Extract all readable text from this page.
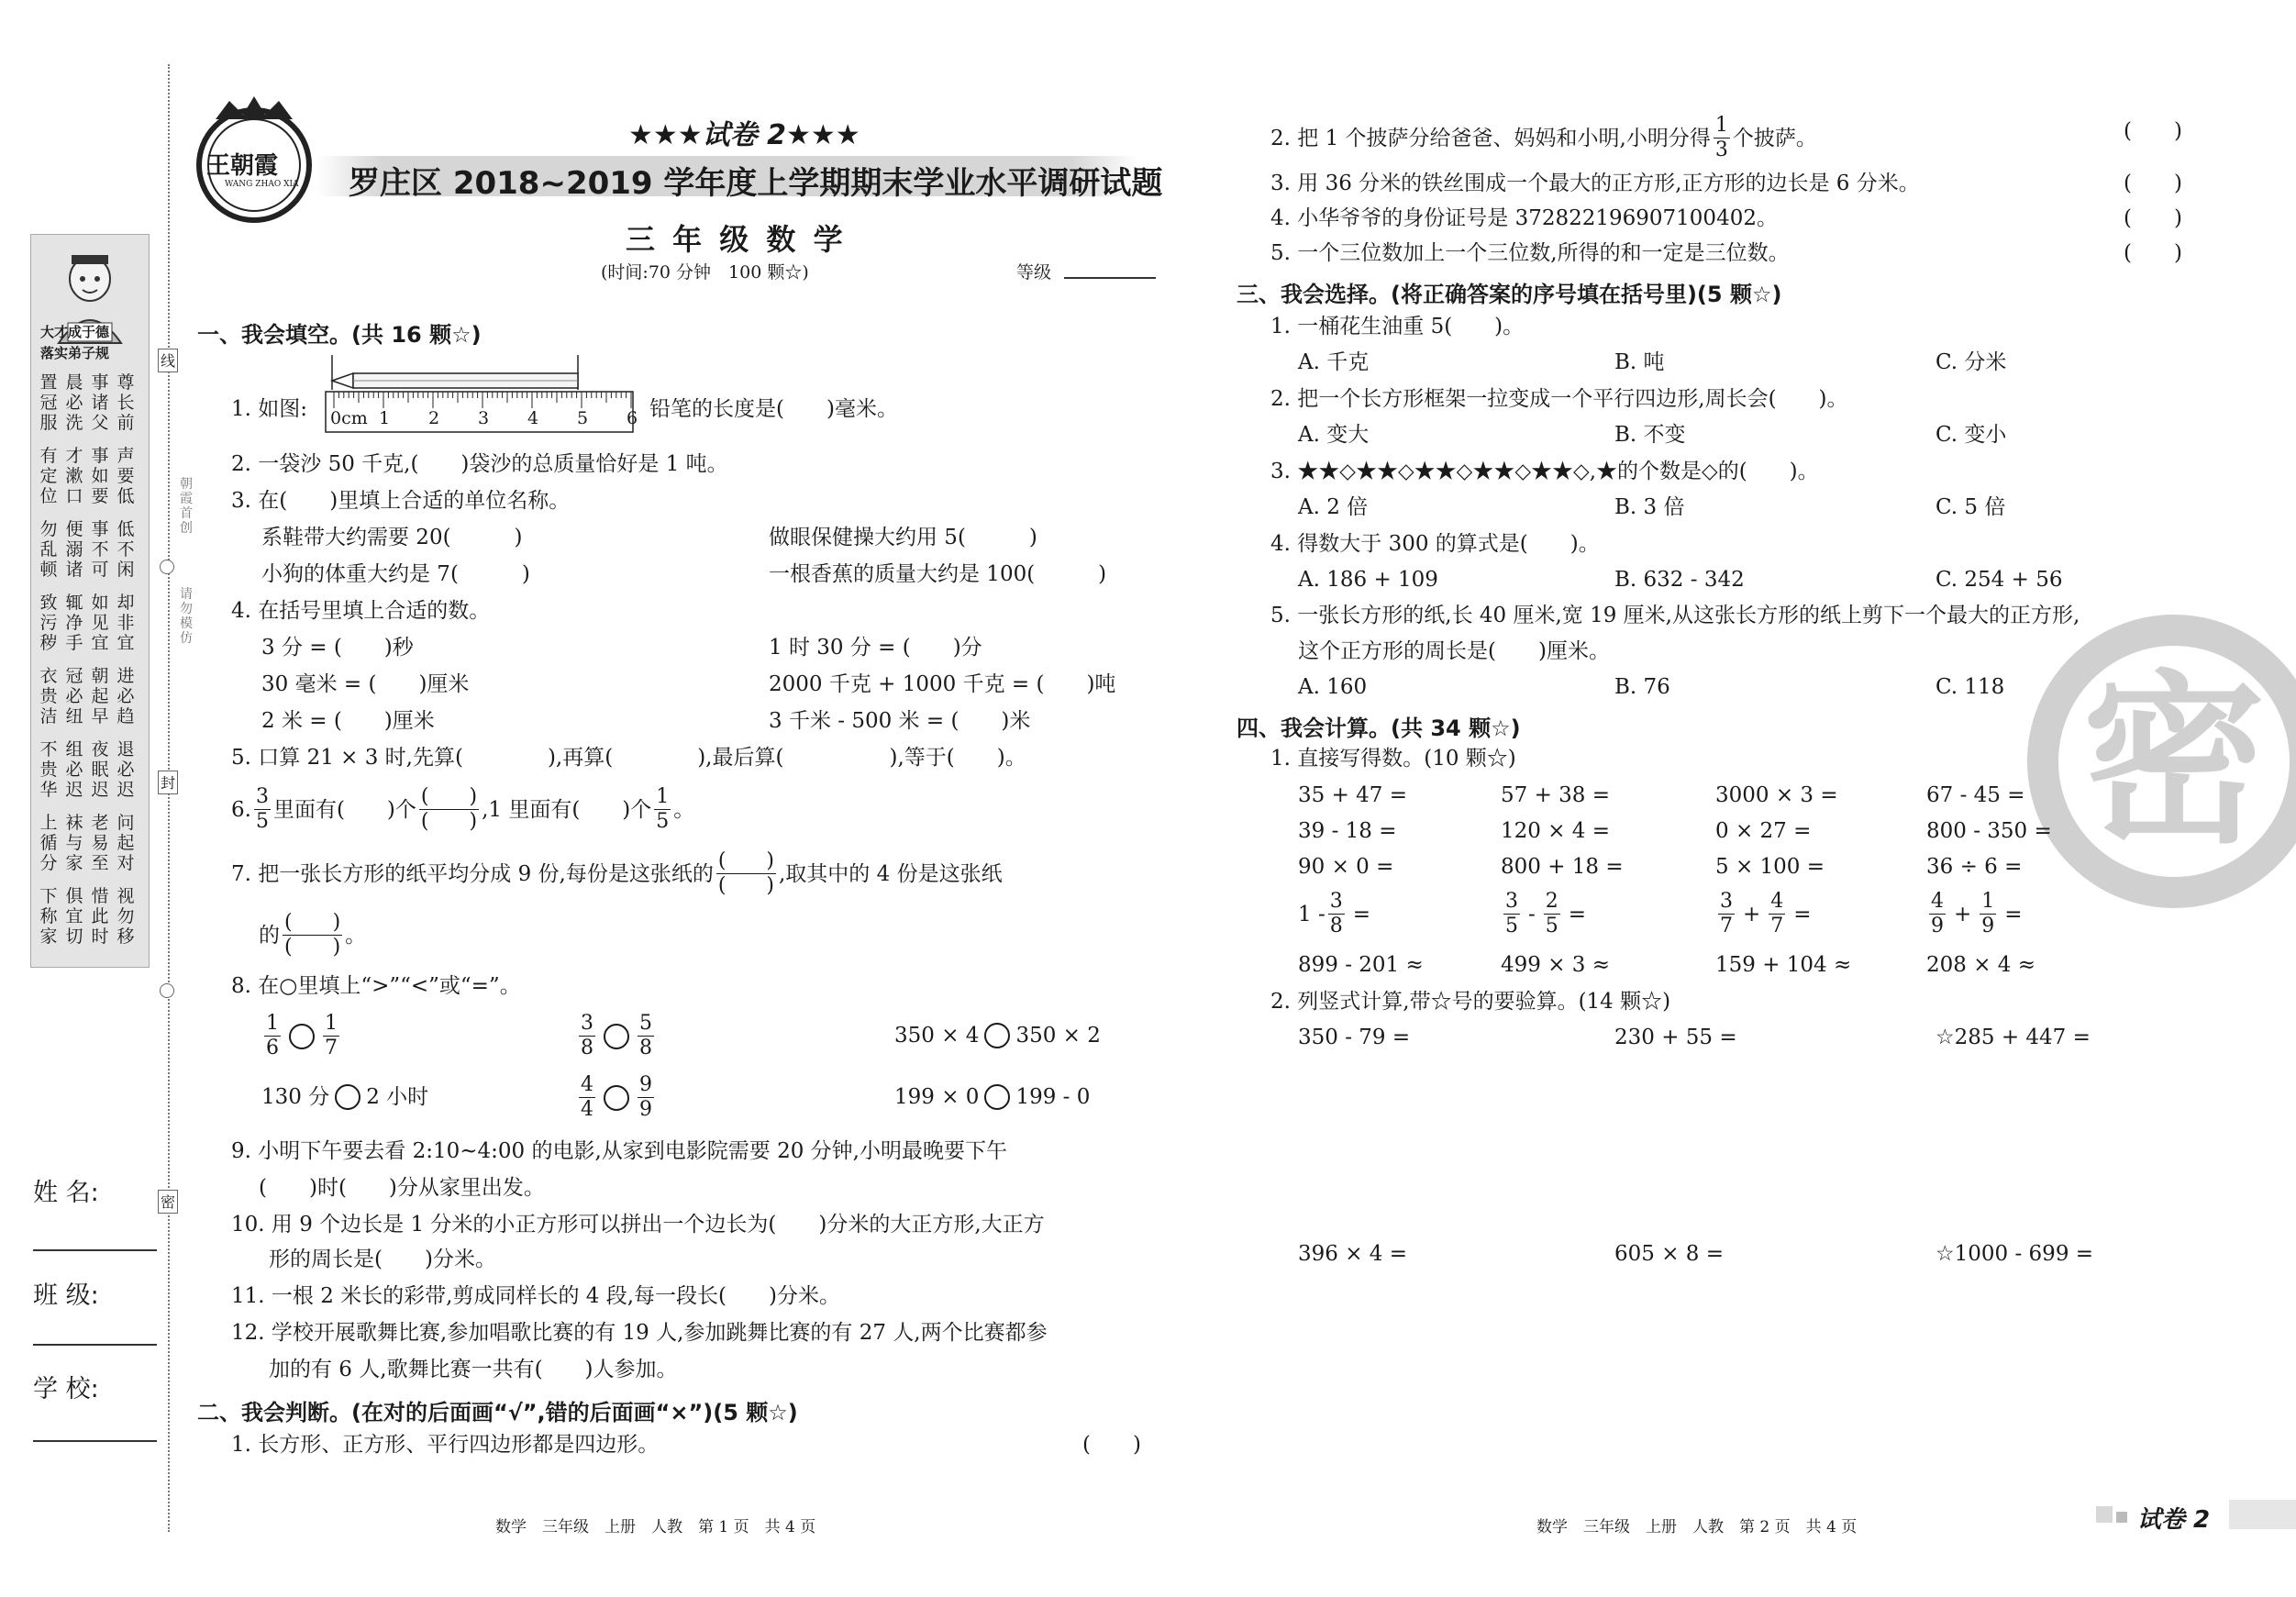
大才成于德
落实弟子规
置冠服
晨必洗
事诸父
尊长前
有定位
才漱口
事如要
声要低
勿乱顿
便溺诸
事不可
低不闲
致污秽
辄净手
如见宜
却非宜
衣贵洁
冠必纽
朝起早
进必趋
不贵华
组必迟
夜眠迟
退必迟
上循分
袜与家
老易至
问起对
下称家
俱宜切
惜此时
视勿移
姓 名:
班 级:
学 校:
线
封
密
朝霞首创
请勿模仿
王朝霞
WANG ZHAO XIA
★★★试卷 2★★★
罗庄区 2018~2019 学年度上学期期末学业水平调研试题
三 年 级 数 学
(时间:70 分钟　100 颗☆)	等级
一、我会填空。(共 16 颗☆)
1. 如图: 0cm 1 2 3 4 5 6 铅笔的长度是(　　)毫米。
2. 一袋沙 50 千克,(　　)袋沙的总质量恰好是 1 吨。
3. 在(　　)里填上合适的单位名称。
系鞋带大约需要 20(　　　)	做眼保健操大约用 5(　　　)
小狗的体重大约是 7(　　　)	一根香蕉的质量大约是 100(　　　)
4. 在括号里填上合适的数。
3 分 = (　　)秒	1 时 30 分 = (　　)分
30 毫米 = (　　)厘米	2000 千克 + 1000 千克 = (　　)吨
2 米 = (　　)厘米	3 千米 - 500 米 = (　　)米
5. 口算 21 × 3 时,先算(　　　　),再算(　　　　),最后算(　　　　　),等于(　　)。
6. $\frac{3}{5}$ 里面有(　　)个
(　　)
(　　) ,1 里面有(　　)个
1
5 。
7. 把一张长方形的纸平均分成 9 份,每份是这张纸的
(　　)
(　　) ,取其中的 4 份是这张纸
的
(　　)
(　　) 。
8. 在○里填上“>”“<”或“=”。
$\frac{1}{6} \frac{1}{7}$	$\frac{3}{8} \frac{5}{8}$	350 × 4 350 × 2
130 分 2 小时	$\frac{4}{4} \frac{9}{9}$	199 × 0 199 - 0
9. 小明下午要去看 2:10~4:00 的电影,从家到电影院需要 20 分钟,小明最晚要下午
(　　)时(　　)分从家里出发。
10. 用 9 个边长是 1 分米的小正方形可以拼出一个边长为(　　)分米的大正方形,大正方
形的周长是(　　)分米。
11. 一根 2 米长的彩带,剪成同样长的 4 段,每一段长(　　)分米。
12. 学校开展歌舞比赛,参加唱歌比赛的有 19 人,参加跳舞比赛的有 27 人,两个比赛都参
加的有 6 人,歌舞比赛一共有(　　)人参加。
二、我会判断。(在对的后面画“√”,错的后面画“×”)(5 颗☆)
1. 长方形、正方形、平行四边形都是四边形。	(　　)
数学　三年级　上册　人教　第 1 页　共 4 页
2. 把 1 个披萨分给爸爸、妈妈和小明,小明分得 $\frac{1}{3}$ 个披萨。	(　　)
3. 用 36 分米的铁丝围成一个最大的正方形,正方形的边长是 6 分米。	(　　)
4. 小华爷爷的身份证号是 372822196907100402。	(　　)
5. 一个三位数加上一个三位数,所得的和一定是三位数。	(　　)
三、我会选择。(将正确答案的序号填在括号里)(5 颗☆)
1. 一桶花生油重 5(　　)。
A. 千克	B. 吨	C. 分米
2. 把一个长方形框架一拉变成一个平行四边形,周长会(　　)。
A. 变大	B. 不变	C. 变小
3. ★★◇★★◇★★◇★★◇★★◇,★的个数是◇的(　　)。
A. 2 倍	B. 3 倍	C. 5 倍
4. 得数大于 300 的算式是(　　)。
A. 186 + 109	B. 632 - 342	C. 254 + 56
5. 一张长方形的纸,长 40 厘米,宽 19 厘米,从这张长方形的纸上剪下一个最大的正方形,
这个正方形的周长是(　　)厘米。
A. 160	B. 76	C. 118 密
四、我会计算。(共 34 颗☆)
1. 直接写得数。(10 颗☆)
35 + 47 =	57 + 38 =	3000 × 3 =	67 - 45 =
39 - 18 =	120 × 4 =	0 × 27 =	800 - 350 =
90 × 0 =	800 + 18 =	5 × 100 =	36 ÷ 6 =
$1 - \frac{3}{8}$ =	$\frac{3}{5} - \frac{2}{5}$ =	$\frac{3}{7} + \frac{4}{7}$ =	$\frac{4}{9} + \frac{1}{9}$ =
899 - 201 ≈	499 × 3 ≈	159 + 104 ≈	208 × 4 ≈
2. 列竖式计算,带☆号的要验算。(14 颗☆)
350 - 79 =	230 + 55 =	☆285 + 447 =
396 × 4 =	605 × 8 =	☆1000 - 699 =
数学　三年级　上册　人教　第 2 页　共 4 页	试卷 2
